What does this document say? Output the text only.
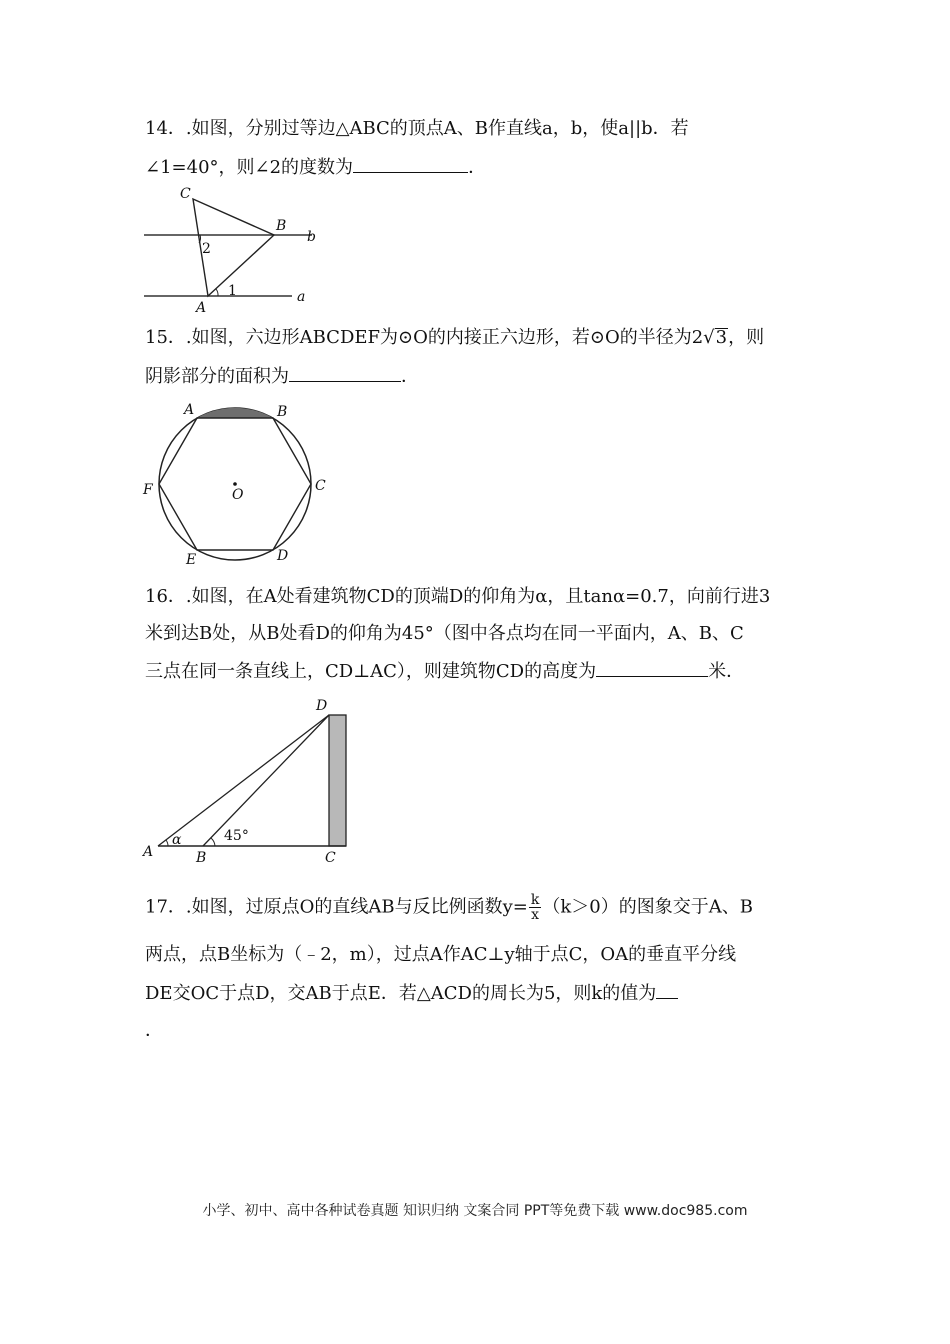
14．.如图，分别过等边△ABC的顶点A、B作直线a，b，使a||b．若
∠1=40°，则∠2的度数为	．
C
B
b
2
A
1	a
15．.如图，六边形ABCDEF为⊙O的内接正六边形，若⊙O的半径为2√3，则
阴影部分的面积为	．
A	B
C
D
E
F	O
16．.如图，在A处看建筑物CD的顶端D的仰角为α，且tanα=0.7，向前行进3
米到达B处，从B处看D的仰角为45°（图中各点均在同一平面内，A、B、C
三点在同一条直线上，CD⊥AC），则建筑物CD的高度为	米．
D
A
α
B
45°
C
17．.如图，过原点O的直线AB与反比例函数$y= \frac{k}{x} (k>0)$的图象交于A、B
两点，点B坐标为（﹣2，m），过点A作AC⊥y轴于点C，OA的垂直平分线
DE交OC于点D，交AB于点E．若△ACD的周长为5，则k的值为
．
小学、初中、高中各种试卷真题 知识归纳 文案合同 PPT等免费下载 www.doc985.com
